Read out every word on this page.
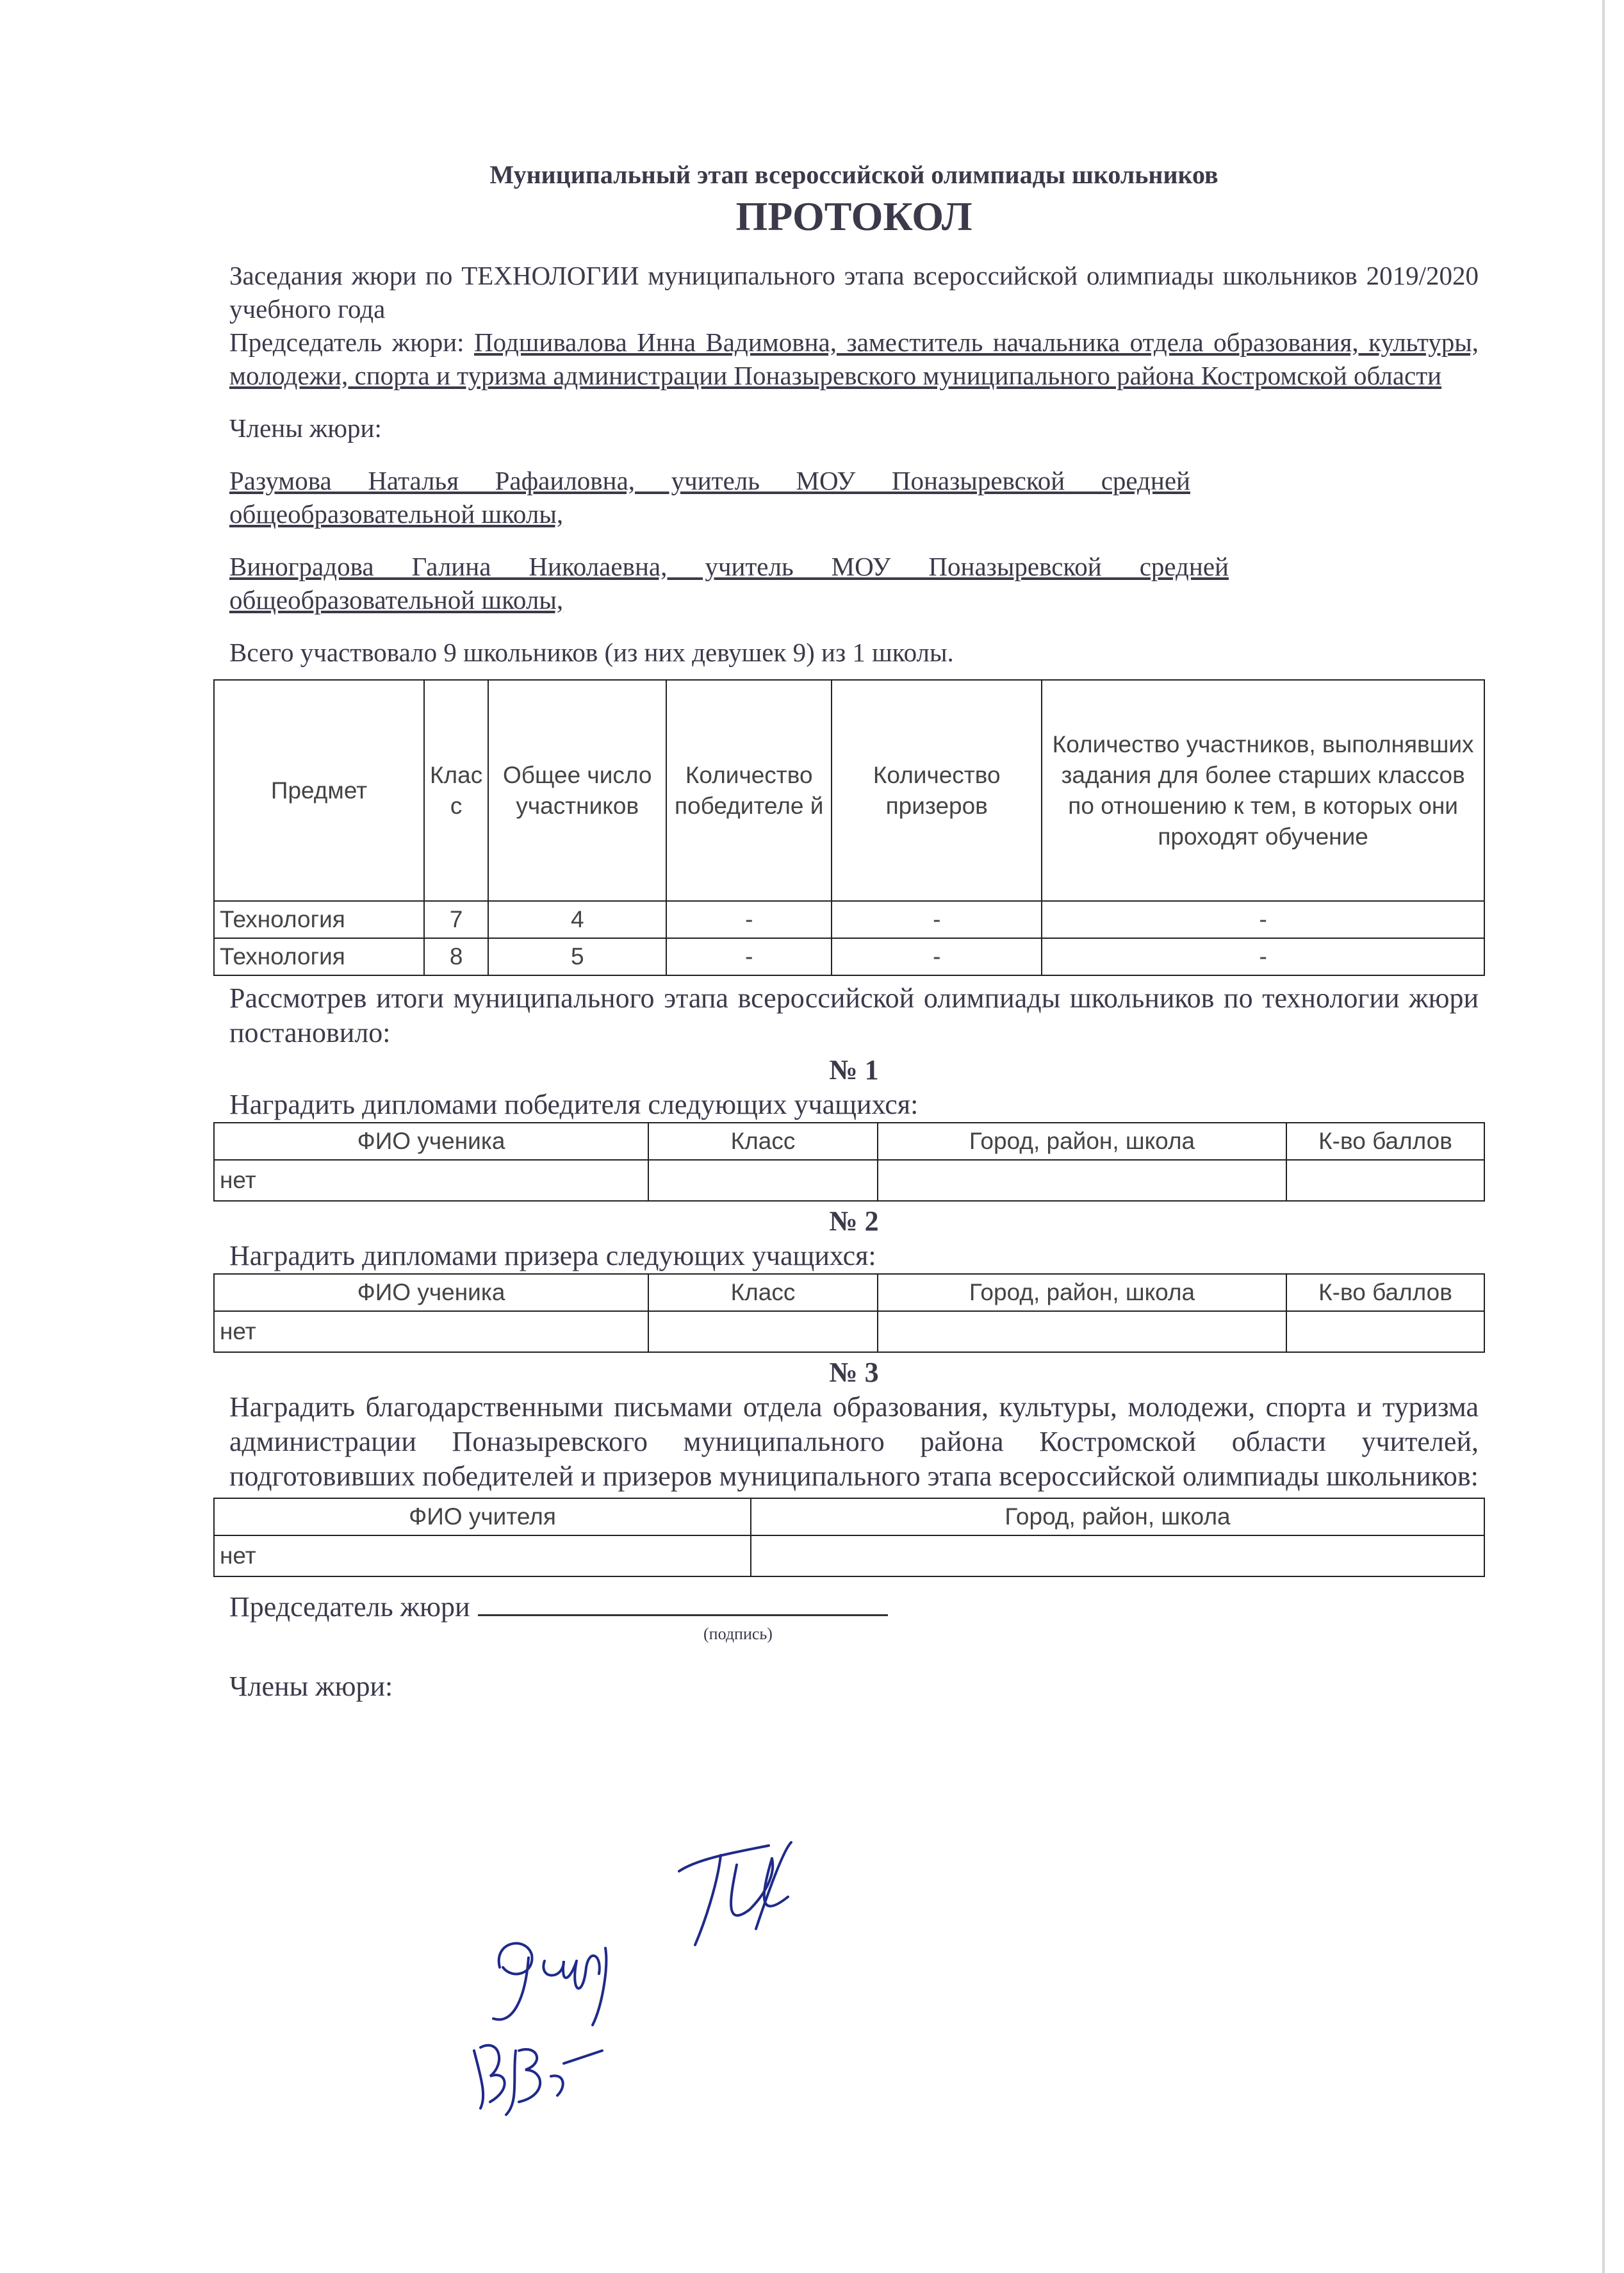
Муниципальный этап всероссийской олимпиады школьников
ПРОТОКОЛ

Заседания жюри по ТЕХНОЛОГИИ муниципального этапа всероссийской олимпиады школьников 2019/2020 учебного года

Председатель жюри: Подшивалова Инна Вадимовна, заместитель начальника отдела образования, культуры, молодежи, спорта и туризма администрации Поназыревского муниципального района Костромской области

Члены жюри:

Разумова Наталья Рафаиловна, учитель МОУ Поназыревской средней общеобразовательной школы,

Виноградова Галина Николаевна, учитель МОУ Поназыревской средней общеобразовательной школы,

Всего участвовало 9 школьников (из них девушек 9) из 1 школы.

Предмет	Клас с	Общее число участников	Количество победителе й	Количество призеров	Количество участников, выполнявших задания для более старших классов по отношению к тем, в которых они проходят обучение
Технология	7	4	-	-	-
Технология	8	5	-	-	-

Рассмотрев итоги муниципального этапа всероссийской олимпиады школьников по технологии жюри постановило:

№ 1

Наградить дипломами победителя следующих учащихся:

ФИО ученика	Класс	Город, район, школа	К-во баллов
нет			
№ 2

Наградить дипломами призера следующих учащихся:

ФИО ученика	Класс	Город, район, школа	К-во баллов
нет			
№ 3

Наградить благодарственными письмами отдела образования, культуры, молодежи, спорта и туризма администрации Поназыревского муниципального района Костромской области учителей, подготовивших победителей и призеров муниципального этапа всероссийской олимпиады школьников:

ФИО учителя	Город, район, школа
нет	
Председатель жюри
(подпись)
Члены жюри:
